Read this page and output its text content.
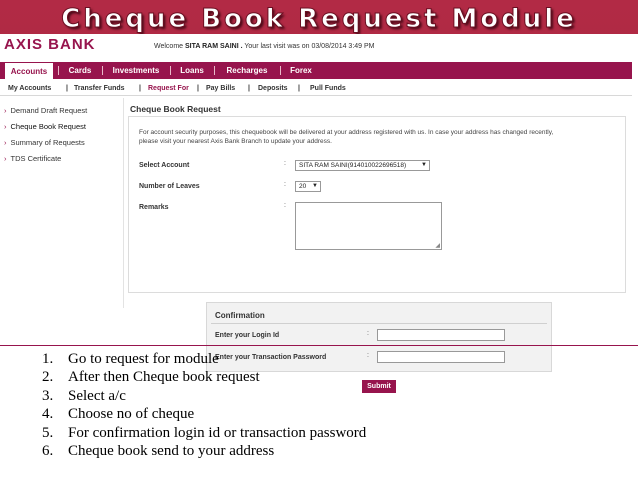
Cheque Book Request Module
AXIS BANK	Welcome SITA RAM SAINI . Your last visit was on 03/08/2014 3:49 PM
Accounts	Cards	Investments	Loans	Recharges	Forex
My Accounts | Transfer Funds | Request For | Pay Bills | Deposits | Pull Funds
› Demand Draft Request
› Cheque Book Request
› Summary of Requests
› TDS Certificate
Cheque Book Request
For account security purposes, this chequebook will be delivered at your address registered with us. In case your address has changed recently,
please visit your nearest Axis Bank Branch to update your address.
Select Account	:	SITA RAM SAINI(914010022696518) ▼
Number of Leaves	:	20 ▼
Remarks	:
◢
Confirmation
Enter your Login Id	:
Enter your Transaction Password	:
Submit
1. Go to request for module
2. After then Cheque book request
3. Select a/c
4. Choose no of cheque
5. For confirmation login id or transaction password
6. Cheque book send to your address
